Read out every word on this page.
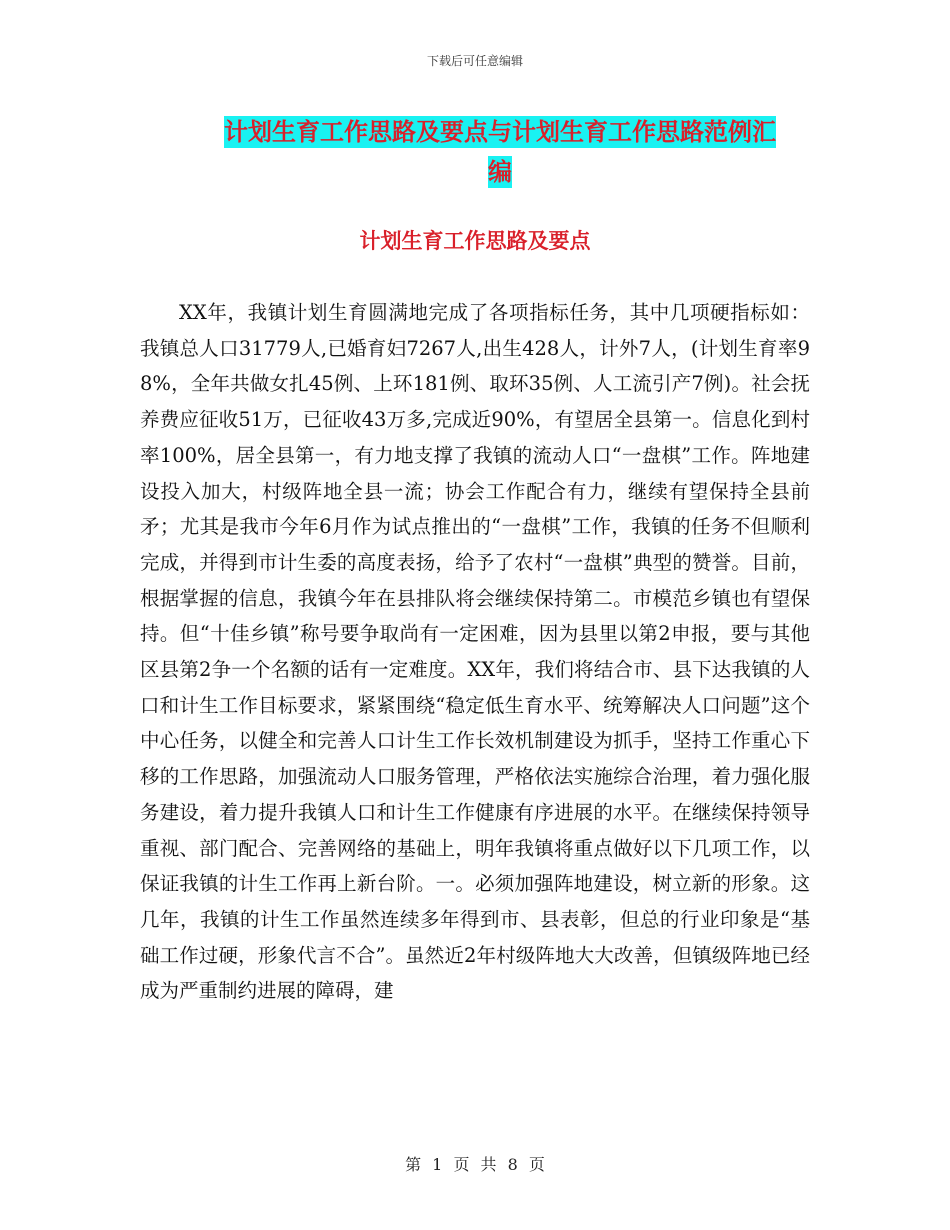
下载后可任意编辑
计划生育工作思路及要点与计划生育工作思路范例汇
编
计划生育工作思路及要点

XX年，我镇计划生育圆满地完成了各项指标任务，其中几项硬指标如：我镇总人口31779人,已婚育妇7267人,出生428人，计外7人，(计划生育率98%，全年共做女扎45例、上环181例、取环35例、人工流引产7例)。社会抚养费应征收51万，已征收43万多,完成近90%，有望居全县第一。信息化到村率100%，居全县第一，有力地支撑了我镇的流动人口“一盘棋”工作。阵地建设投入加大，村级阵地全县一流；协会工作配合有力，继续有望保持全县前矛；尤其是我市今年6月作为试点推出的“一盘棋”工作，我镇的任务不但顺利完成，并得到市计生委的高度表扬，给予了农村“一盘棋”典型的赞誉。目前，根据掌握的信息，我镇今年在县排队将会继续保持第二。市模范乡镇也有望保持。但“十佳乡镇”称号要争取尚有一定困难，因为县里以第2申报，要与其他区县第2争一个名额的话有一定难度。XX年，我们将结合市、县下达我镇的人口和计生工作目标要求，紧紧围绕“稳定低生育水平、统筹解决人口问题”这个中心任务，以健全和完善人口计生工作长效机制建设为抓手，坚持工作重心下移的工作思路，加强流动人口服务管理，严格依法实施综合治理，着力强化服务建设，着力提升我镇人口和计生工作健康有序进展的水平。在继续保持领导重视、部门配合、完善网络的基础上，明年我镇将重点做好以下几项工作，以保证我镇的计生工作再上新台阶。一。必须加强阵地建设，树立新的形象。这几年，我镇的计生工作虽然连续多年得到市、县表彰，但总的行业印象是“基础工作过硬，形象代言不合”。虽然近2年村级阵地大大改善，但镇级阵地已经成为严重制约进展的障碍，建

第 1 页 共 8 页
